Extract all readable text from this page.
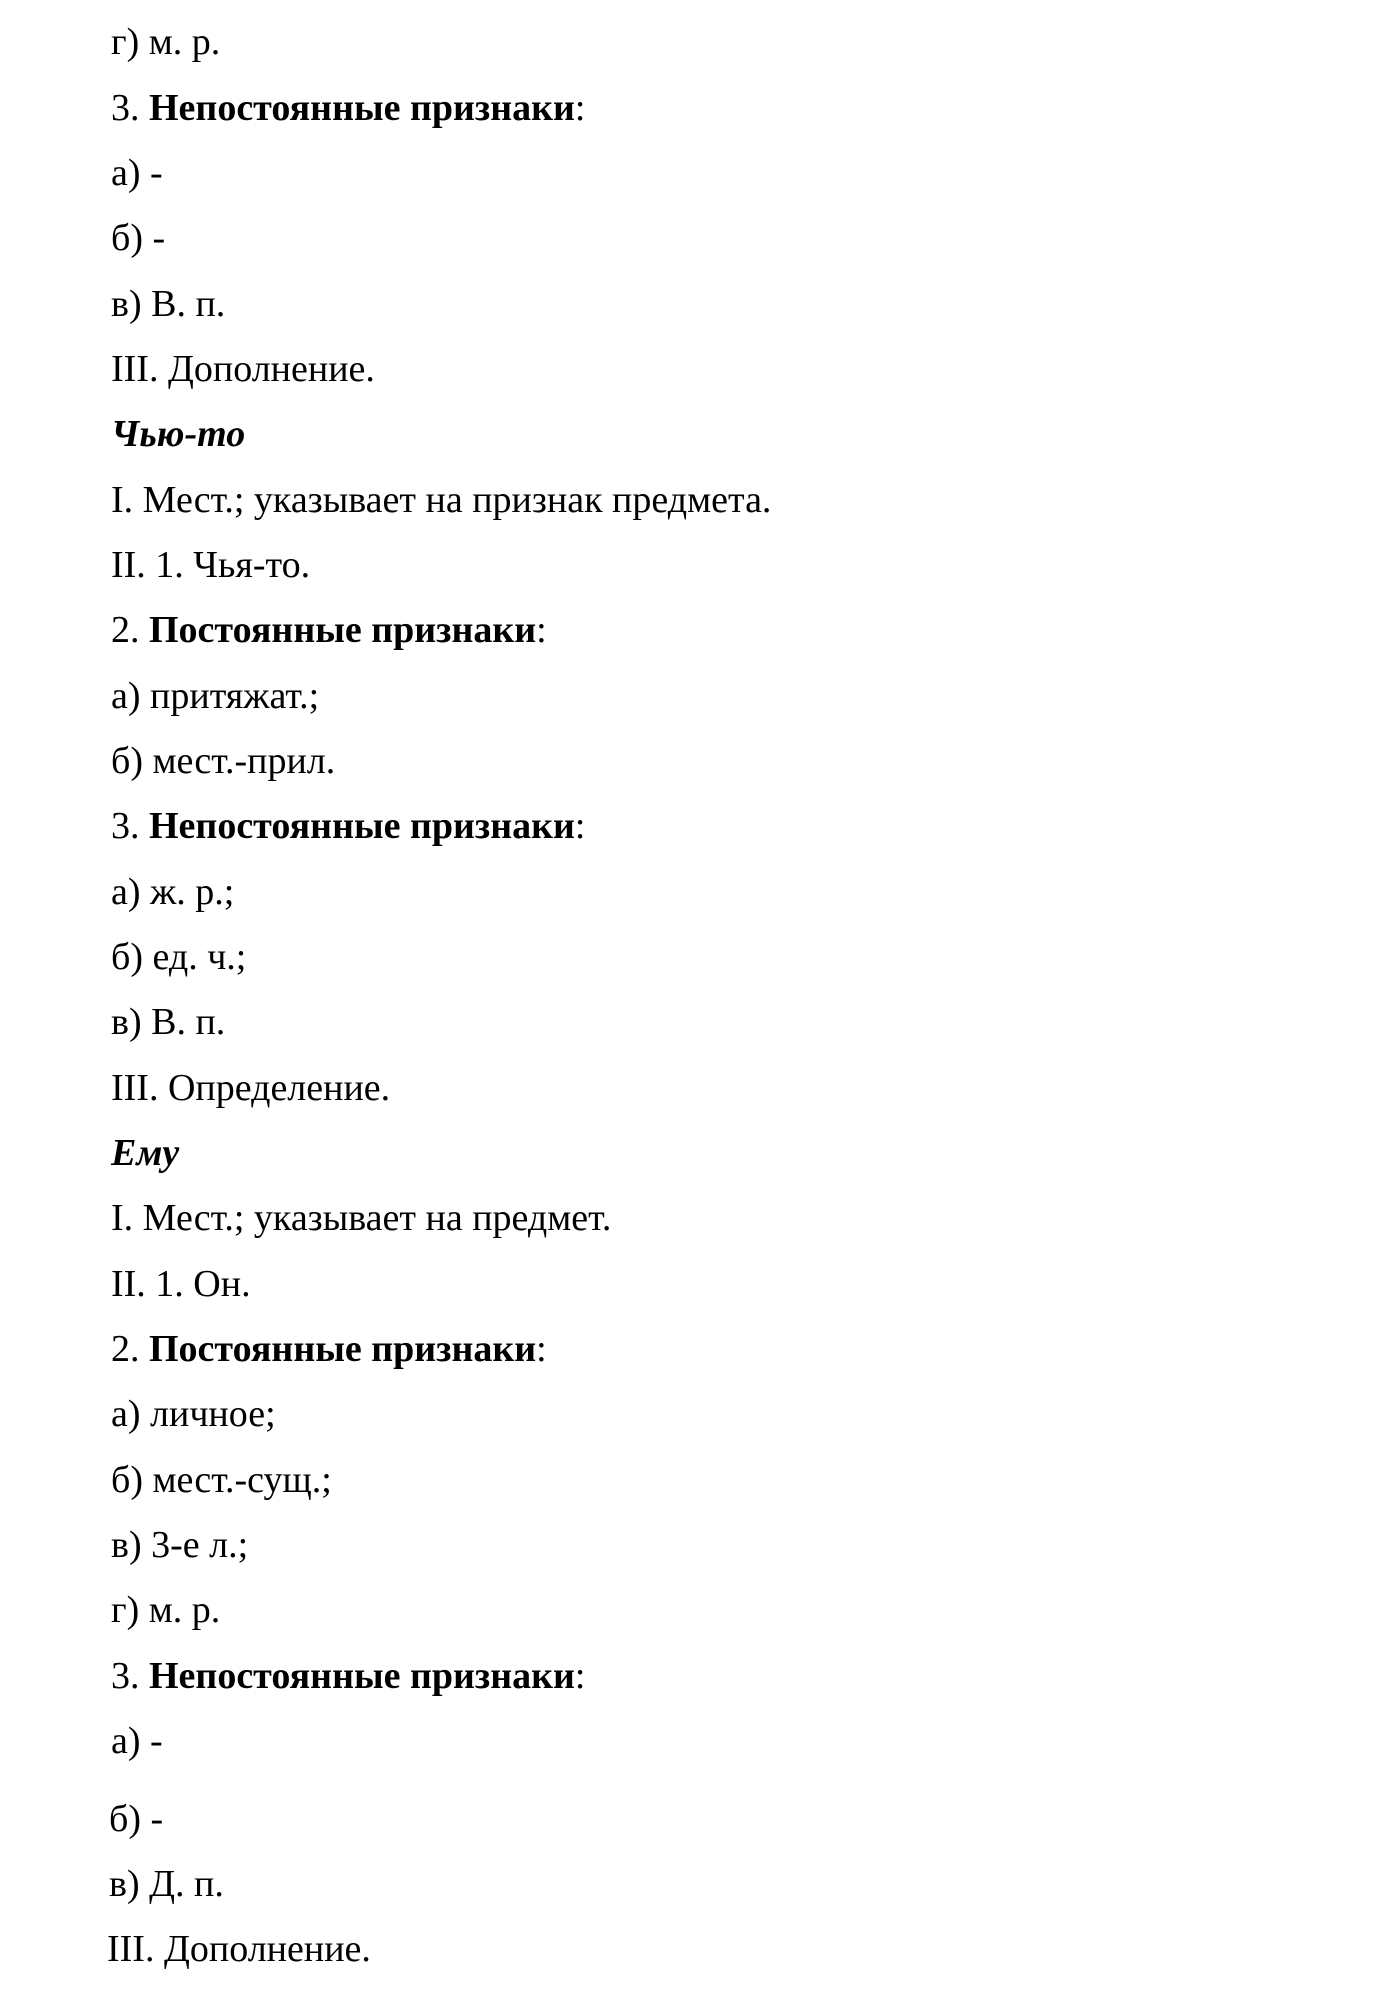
г) м. р.
3. Непостоянные признаки:
а) -
б) -
в) В. п.
III. Дополнение.
Чью-то
I. Мест.; указывает на признак предмета.
II. 1. Чья-то.
2. Постоянные признаки:
а) притяжат.;
б) мест.-прил.
3. Непостоянные признаки:
а) ж. р.;
б) ед. ч.;
в) В. п.
III. Определение.
Ему
I. Мест.; указывает на предмет.
II. 1. Он.
2. Постоянные признаки:
а) личное;
б) мест.-сущ.;
в) 3-е л.;
г) м. р.
3. Непостоянные признаки:
а) -
б) -
в) Д. п.
III. Дополнение.
